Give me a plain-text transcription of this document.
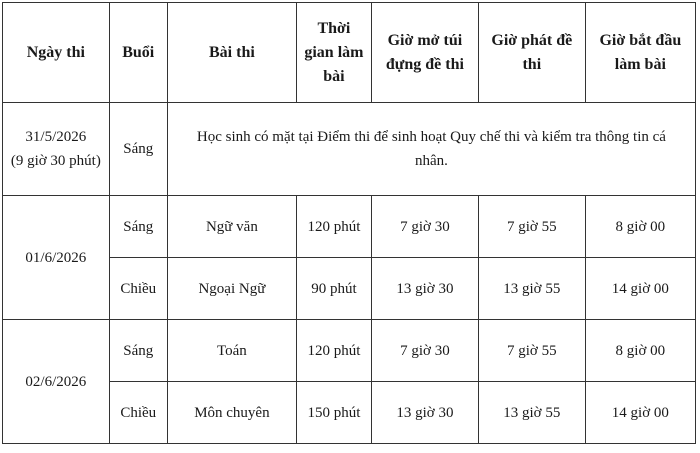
Ngày thi	Buổi	Bài thi	Thời gian làm bài	Giờ mở túi đựng đề thi	Giờ phát đề thi	Giờ bắt đầu làm bài

31/5/2026
(9 giờ 30 phút)	Sáng	Học sinh có mặt tại Điểm thi để sinh hoạt Quy chế thi và kiểm tra thông tin cá nhân.				
01/6/2026	Sáng	Ngữ văn	120 phút	7 giờ 30	7 giờ 55	8 giờ 00
	Chiều	Ngoại Ngữ	90 phút	13 giờ 30	13 giờ 55	14 giờ 00
02/6/2026	Sáng	Toán	120 phút	7 giờ 30	7 giờ 55	8 giờ 00
	Chiều	Môn chuyên	150 phút	13 giờ 30	13 giờ 55	14 giờ 00
